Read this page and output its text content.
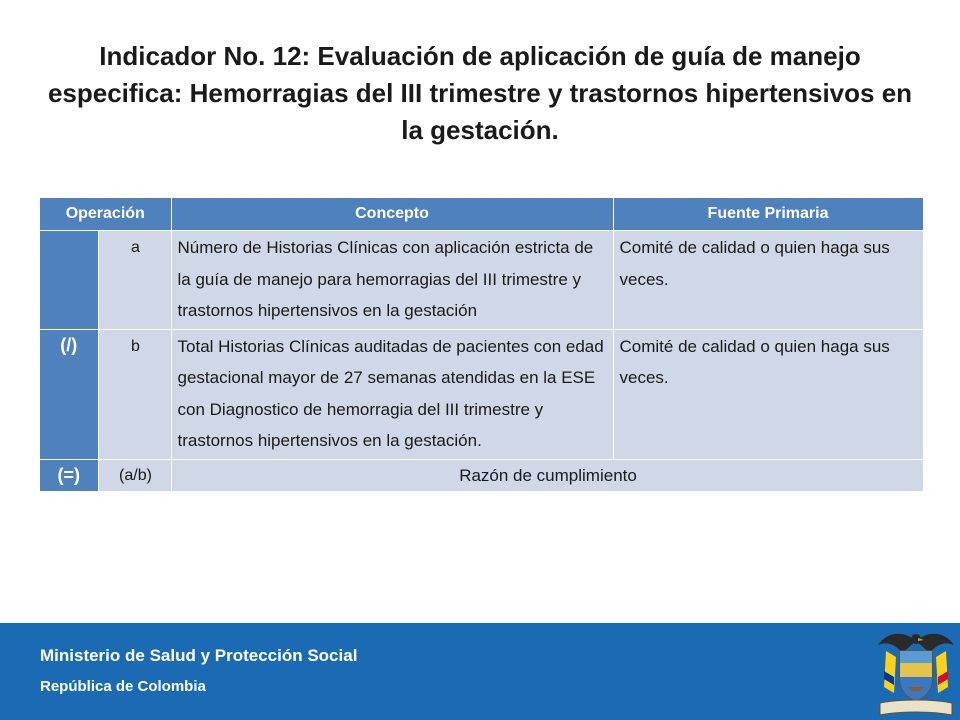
Indicador No. 12: Evaluación de aplicación de guía de manejo especifica: Hemorragias del III trimestre y trastornos hipertensivos en la gestación.
Operación		Concepto	Fuente Primaria
	a	Número de Historias Clínicas con aplicación estricta de la guía de manejo para hemorragias del III trimestre y trastornos hipertensivos en la gestación	Comité de calidad o quien haga sus veces.
(/)	b	Total Historias Clínicas auditadas de pacientes con edad gestacional mayor de 27 semanas atendidas en la ESE con Diagnostico de hemorragia del III trimestre y trastornos hipertensivos en la gestación.	Comité de calidad o quien haga sus veces.
(=)	(a/b)	Razón de cumplimiento	
Ministerio de Salud y Protección Social
República de Colombia
